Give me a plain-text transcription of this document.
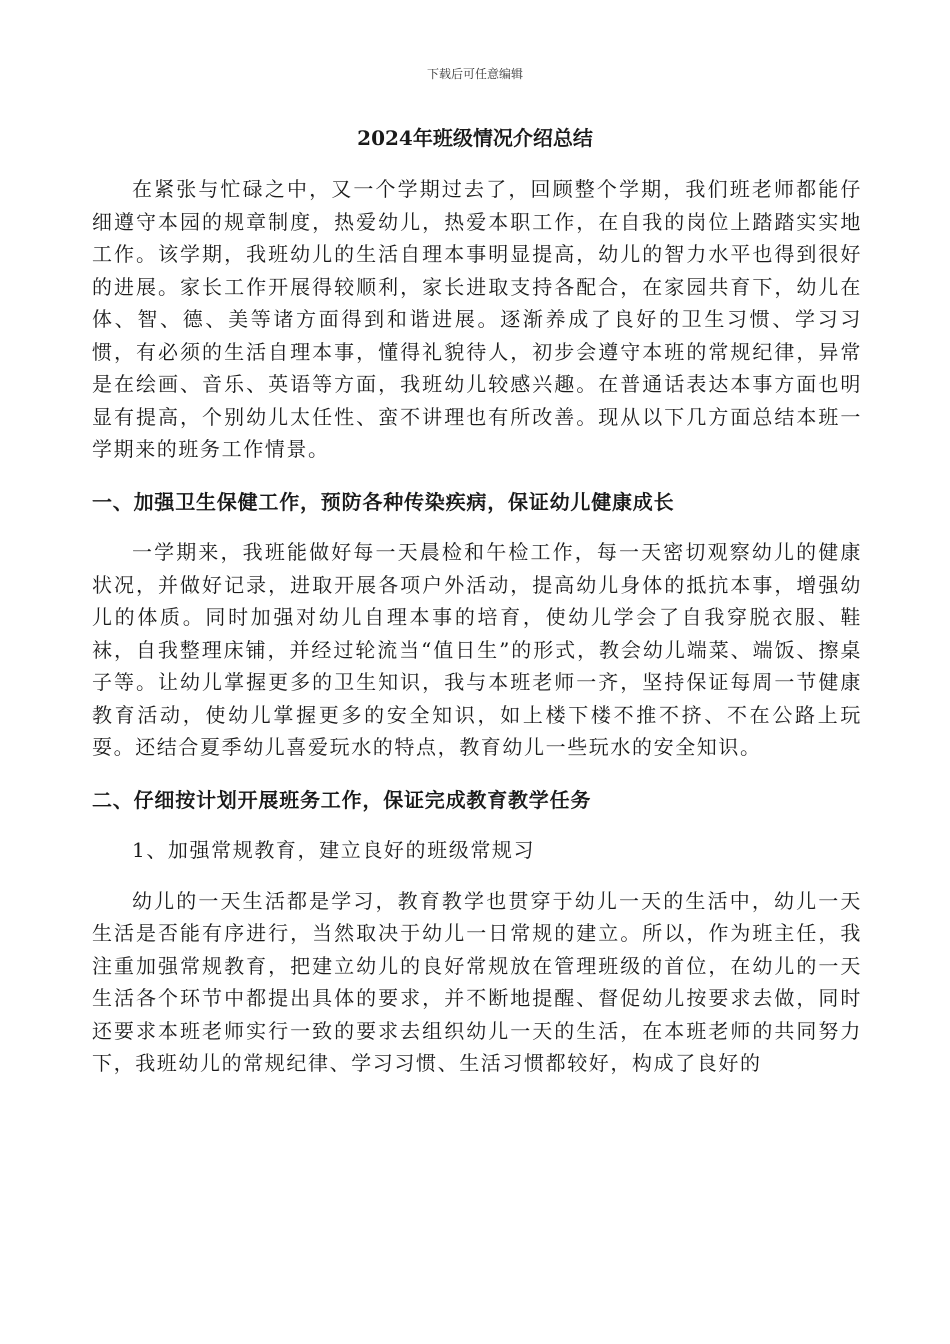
下载后可任意编辑
2024年班级情况介绍总结

在紧张与忙碌之中，又一个学期过去了，回顾整个学期，我们班老师都能仔细遵守本园的规章制度，热爱幼儿，热爱本职工作，在自我的岗位上踏踏实实地工作。该学期，我班幼儿的生活自理本事明显提高，幼儿的智力水平也得到很好的进展。家长工作开展得较顺利，家长进取支持各配合，在家园共育下，幼儿在体、智、德、美等诸方面得到和谐进展。逐渐养成了良好的卫生习惯、学习习惯，有必须的生活自理本事，懂得礼貌待人，初步会遵守本班的常规纪律，异常是在绘画、音乐、英语等方面，我班幼儿较感兴趣。在普通话表达本事方面也明显有提高，个别幼儿太任性、蛮不讲理也有所改善。现从以下几方面总结本班一学期来的班务工作情景。

一、加强卫生保健工作，预防各种传染疾病，保证幼儿健康成长

一学期来，我班能做好每一天晨检和午检工作，每一天密切观察幼儿的健康状况，并做好记录，进取开展各项户外活动，提高幼儿身体的抵抗本事，增强幼儿的体质。同时加强对幼儿自理本事的培育，使幼儿学会了自我穿脱衣服、鞋袜，自我整理床铺，并经过轮流当“值日生”的形式，教会幼儿端菜、端饭、擦桌子等。让幼儿掌握更多的卫生知识，我与本班老师一齐，坚持保证每周一节健康教育活动，使幼儿掌握更多的安全知识，如上楼下楼不推不挤、不在公路上玩耍。还结合夏季幼儿喜爱玩水的特点，教育幼儿一些玩水的安全知识。

二、仔细按计划开展班务工作，保证完成教育教学任务

1、加强常规教育，建立良好的班级常规习

幼儿的一天生活都是学习，教育教学也贯穿于幼儿一天的生活中，幼儿一天生活是否能有序进行，当然取决于幼儿一日常规的建立。所以，作为班主任，我注重加强常规教育，把建立幼儿的良好常规放在管理班级的首位，在幼儿的一天生活各个环节中都提出具体的要求，并不断地提醒、督促幼儿按要求去做，同时还要求本班老师实行一致的要求去组织幼儿一天的生活，在本班老师的共同努力下，我班幼儿的常规纪律、学习习惯、生活习惯都较好，构成了良好的
